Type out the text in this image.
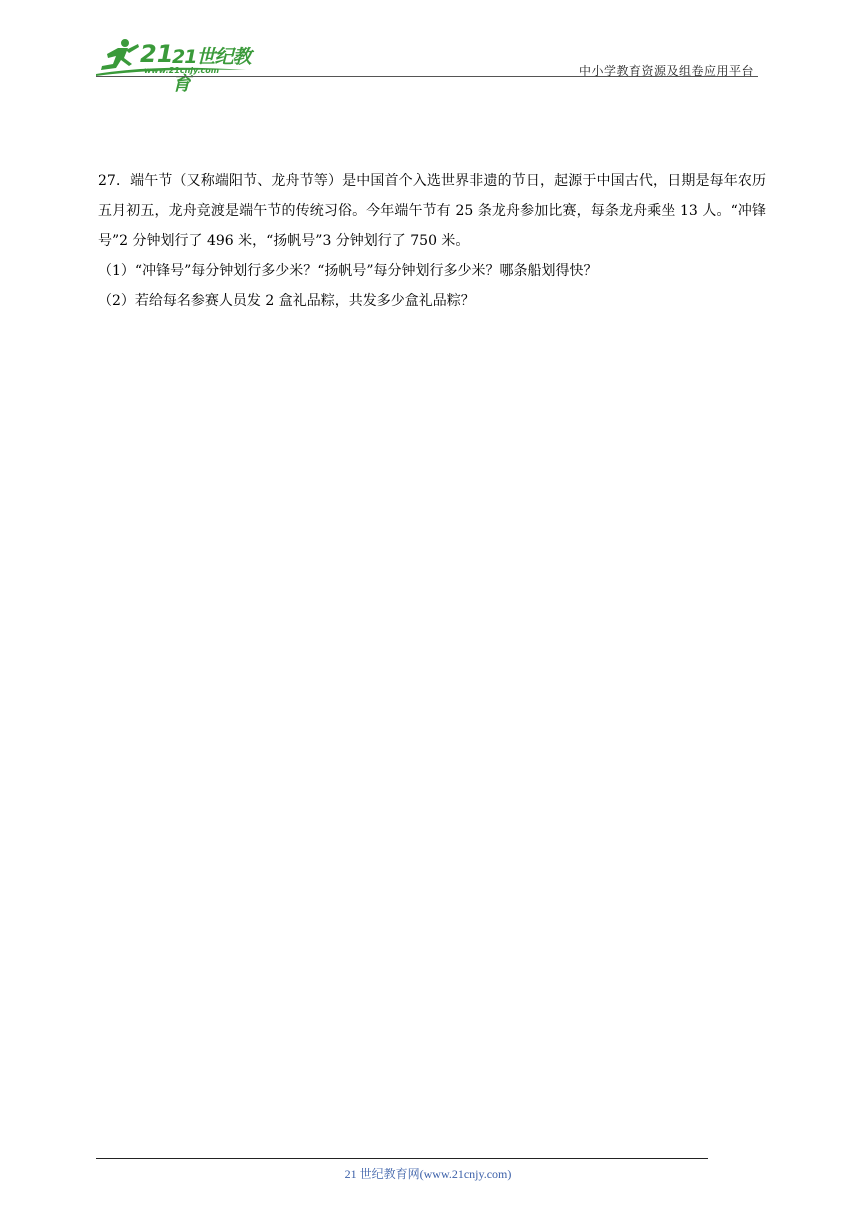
21
21世纪教育
www.21cnjy.com	中小学教育资源及组卷应用平台

27．端午节（又称端阳节、龙舟节等）是中国首个入选世界非遗的节日，起源于中国古代，日期是每年农历五月初五，龙舟竞渡是端午节的传统习俗。今年端午节有 25 条龙舟参加比赛，每条龙舟乘坐 13 人。“冲锋号”2 分钟划行了 496 米，“扬帆号”3 分钟划行了 750 米。

（1）“冲锋号”每分钟划行多少米？“扬帆号”每分钟划行多少米？哪条船划得快？

（2）若给每名参赛人员发 2 盒礼品粽，共发多少盒礼品粽？

21 世纪教育网(www.21cnjy.com)
